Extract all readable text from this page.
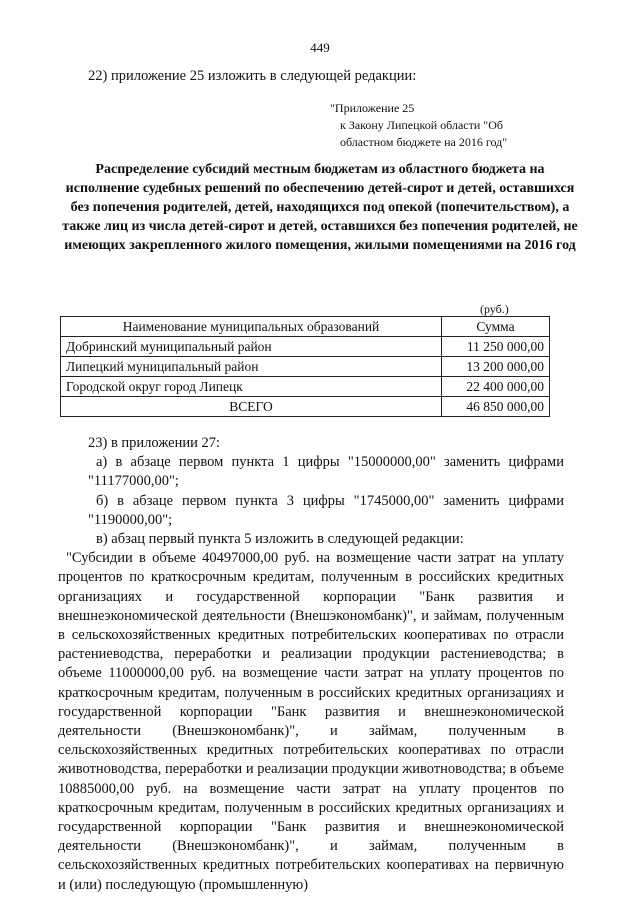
449
22) приложение 25 изложить в следующей редакции:
"Приложение 25
к Закону Липецкой области "Об
областном бюджете на 2016 год"
Распределение субсидий местным бюджетам из областного бюджета на исполнение судебных решений по обеспечению детей-сирот и детей, оставшихся без попечения родителей, детей, находящихся под опекой (попечительством), а также лиц из числа детей-сирот и детей, оставшихся без попечения родителей, не имеющих закрепленного жилого помещения, жилыми помещениями на 2016 год
(руб.)
Наименование муниципальных образований	Сумма
Добринский муниципальный район	11 250 000,00
Липецкий муниципальный район	13 200 000,00
Городской округ город Липецк	22 400 000,00
ВСЕГО	46 850 000,00

23) в приложении 27:

а) в абзаце первом пункта 1 цифры "15000000,00" заменить цифрами "11177000,00";

б) в абзаце первом пункта 3 цифры "1745000,00" заменить цифрами "1190000,00";

в) абзац первый пункта 5 изложить в следующей редакции:

"Субсидии в объеме 40497000,00 руб. на возмещение части затрат на уплату процентов по краткосрочным кредитам, полученным в российских кредитных организациях и государственной корпорации "Банк развития и внешнеэкономической деятельности (Внешэкономбанк)", и займам, полученным в сельскохозяйственных кредитных потребительских кооперативах по отрасли растениеводства, переработки и реализации продукции растениеводства; в объеме 11000000,00 руб. на возмещение части затрат на уплату процентов по краткосрочным кредитам, полученным в российских кредитных организациях и государственной корпорации "Банк развития и внешнеэкономической деятельности (Внешэкономбанк)", и займам, полученным в сельскохозяйственных кредитных потребительских кооперативах по отрасли животноводства, переработки и реализации продукции животноводства; в объеме 10885000,00 руб. на возмещение части затрат на уплату процентов по краткосрочным кредитам, полученным в российских кредитных организациях и государственной корпорации "Банк развития и внешнеэкономической деятельности (Внешэкономбанк)", и займам, полученным в сельскохозяйственных кредитных потребительских кооперативах на первичную и (или) последующую (промышленную)
